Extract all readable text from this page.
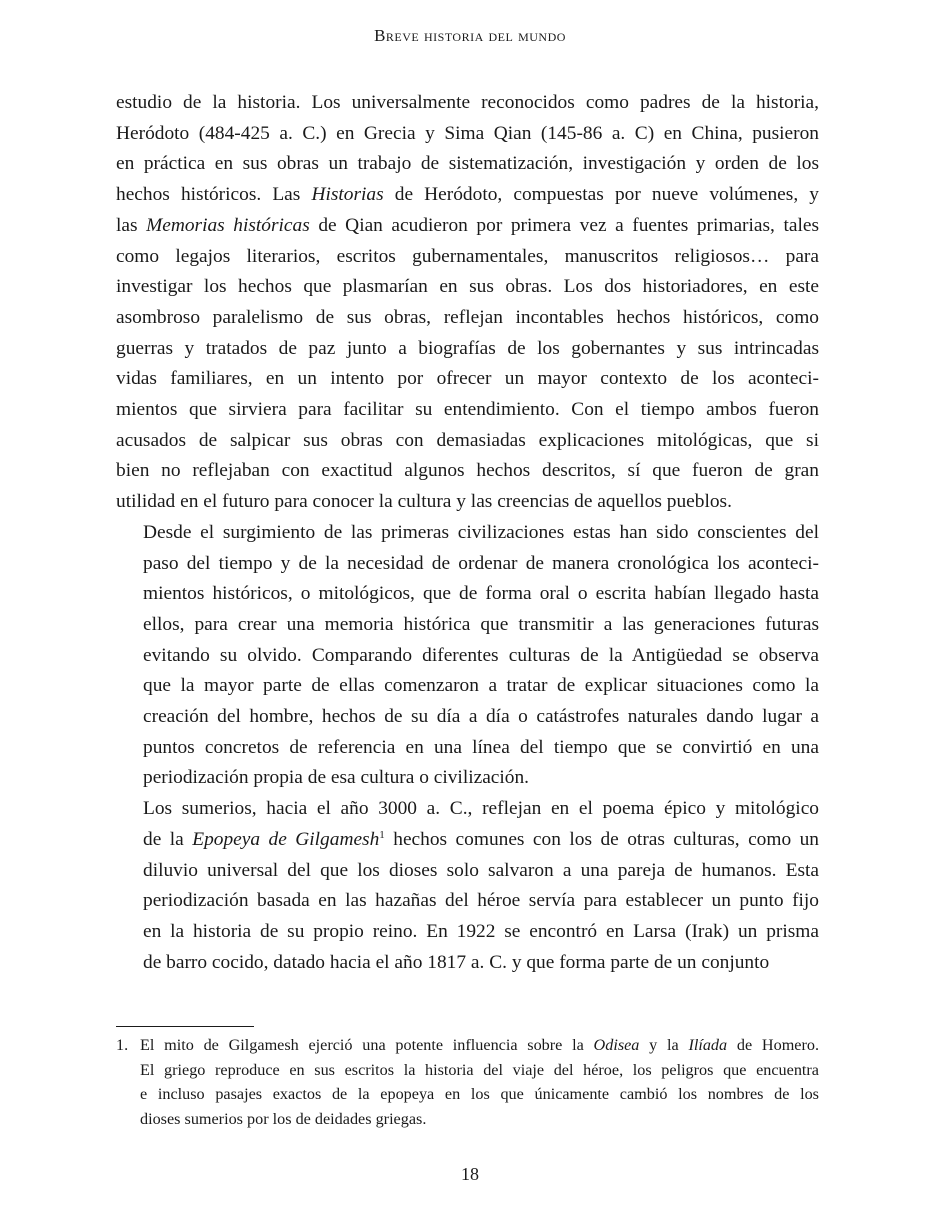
Breve historia del mundo

estudio de la historia. Los universalmente reconocidos como padres de la historia,
Heródoto (484-425 a. C.) en Grecia y Sima Qian (145-86 a. C) en China, pusieron
en práctica en sus obras un trabajo de sistematización, investigación y orden de los
hechos históricos. Las Historias de Heródoto, compuestas por nueve volúmenes, y
las Memorias históricas de Qian acudieron por primera vez a fuentes primarias, tales
como legajos literarios, escritos gubernamentales, manuscritos religiosos… para
investigar los hechos que plasmarían en sus obras. Los dos historiadores, en este
asombroso paralelismo de sus obras, reflejan incontables hechos históricos, como
guerras y tratados de paz junto a biografías de los gobernantes y sus intrincadas
vidas familiares, en un intento por ofrecer un mayor contexto de los aconteci-
mientos que sirviera para facilitar su entendimiento. Con el tiempo ambos fueron
acusados de salpicar sus obras con demasiadas explicaciones mitológicas, que si
bien no reflejaban con exactitud algunos hechos descritos, sí que fueron de gran
utilidad en el futuro para conocer la cultura y las creencias de aquellos pueblos.

Desde el surgimiento de las primeras civilizaciones estas han sido conscientes del
paso del tiempo y de la necesidad de ordenar de manera cronológica los aconteci-
mientos históricos, o mitológicos, que de forma oral o escrita habían llegado hasta
ellos, para crear una memoria histórica que transmitir a las generaciones futuras
evitando su olvido. Comparando diferentes culturas de la Antigüedad se observa
que la mayor parte de ellas comenzaron a tratar de explicar situaciones como la
creación del hombre, hechos de su día a día o catástrofes naturales dando lugar a
puntos concretos de referencia en una línea del tiempo que se convirtió en una
periodización propia de esa cultura o civilización.

Los sumerios, hacia el año 3000 a. C., reflejan en el poema épico y mitológico
de la Epopeya de Gilgamesh$^1$ hechos comunes con los de otras culturas, como un
diluvio universal del que los dioses solo salvaron a una pareja de humanos. Esta
periodización basada en las hazañas del héroe servía para establecer un punto fijo
en la historia de su propio reino. En 1922 se encontró en Larsa (Irak) un prisma
de barro cocido, datado hacia el año 1817 a. C. y que forma parte de un conjunto

1. El mito de Gilgamesh ejerció una potente influencia sobre la Odisea y la Ilíada de Homero.
El griego reproduce en sus escritos la historia del viaje del héroe, los peligros que encuentra
e incluso pasajes exactos de la epopeya en los que únicamente cambió los nombres de los
dioses sumerios por los de deidades griegas.
18
